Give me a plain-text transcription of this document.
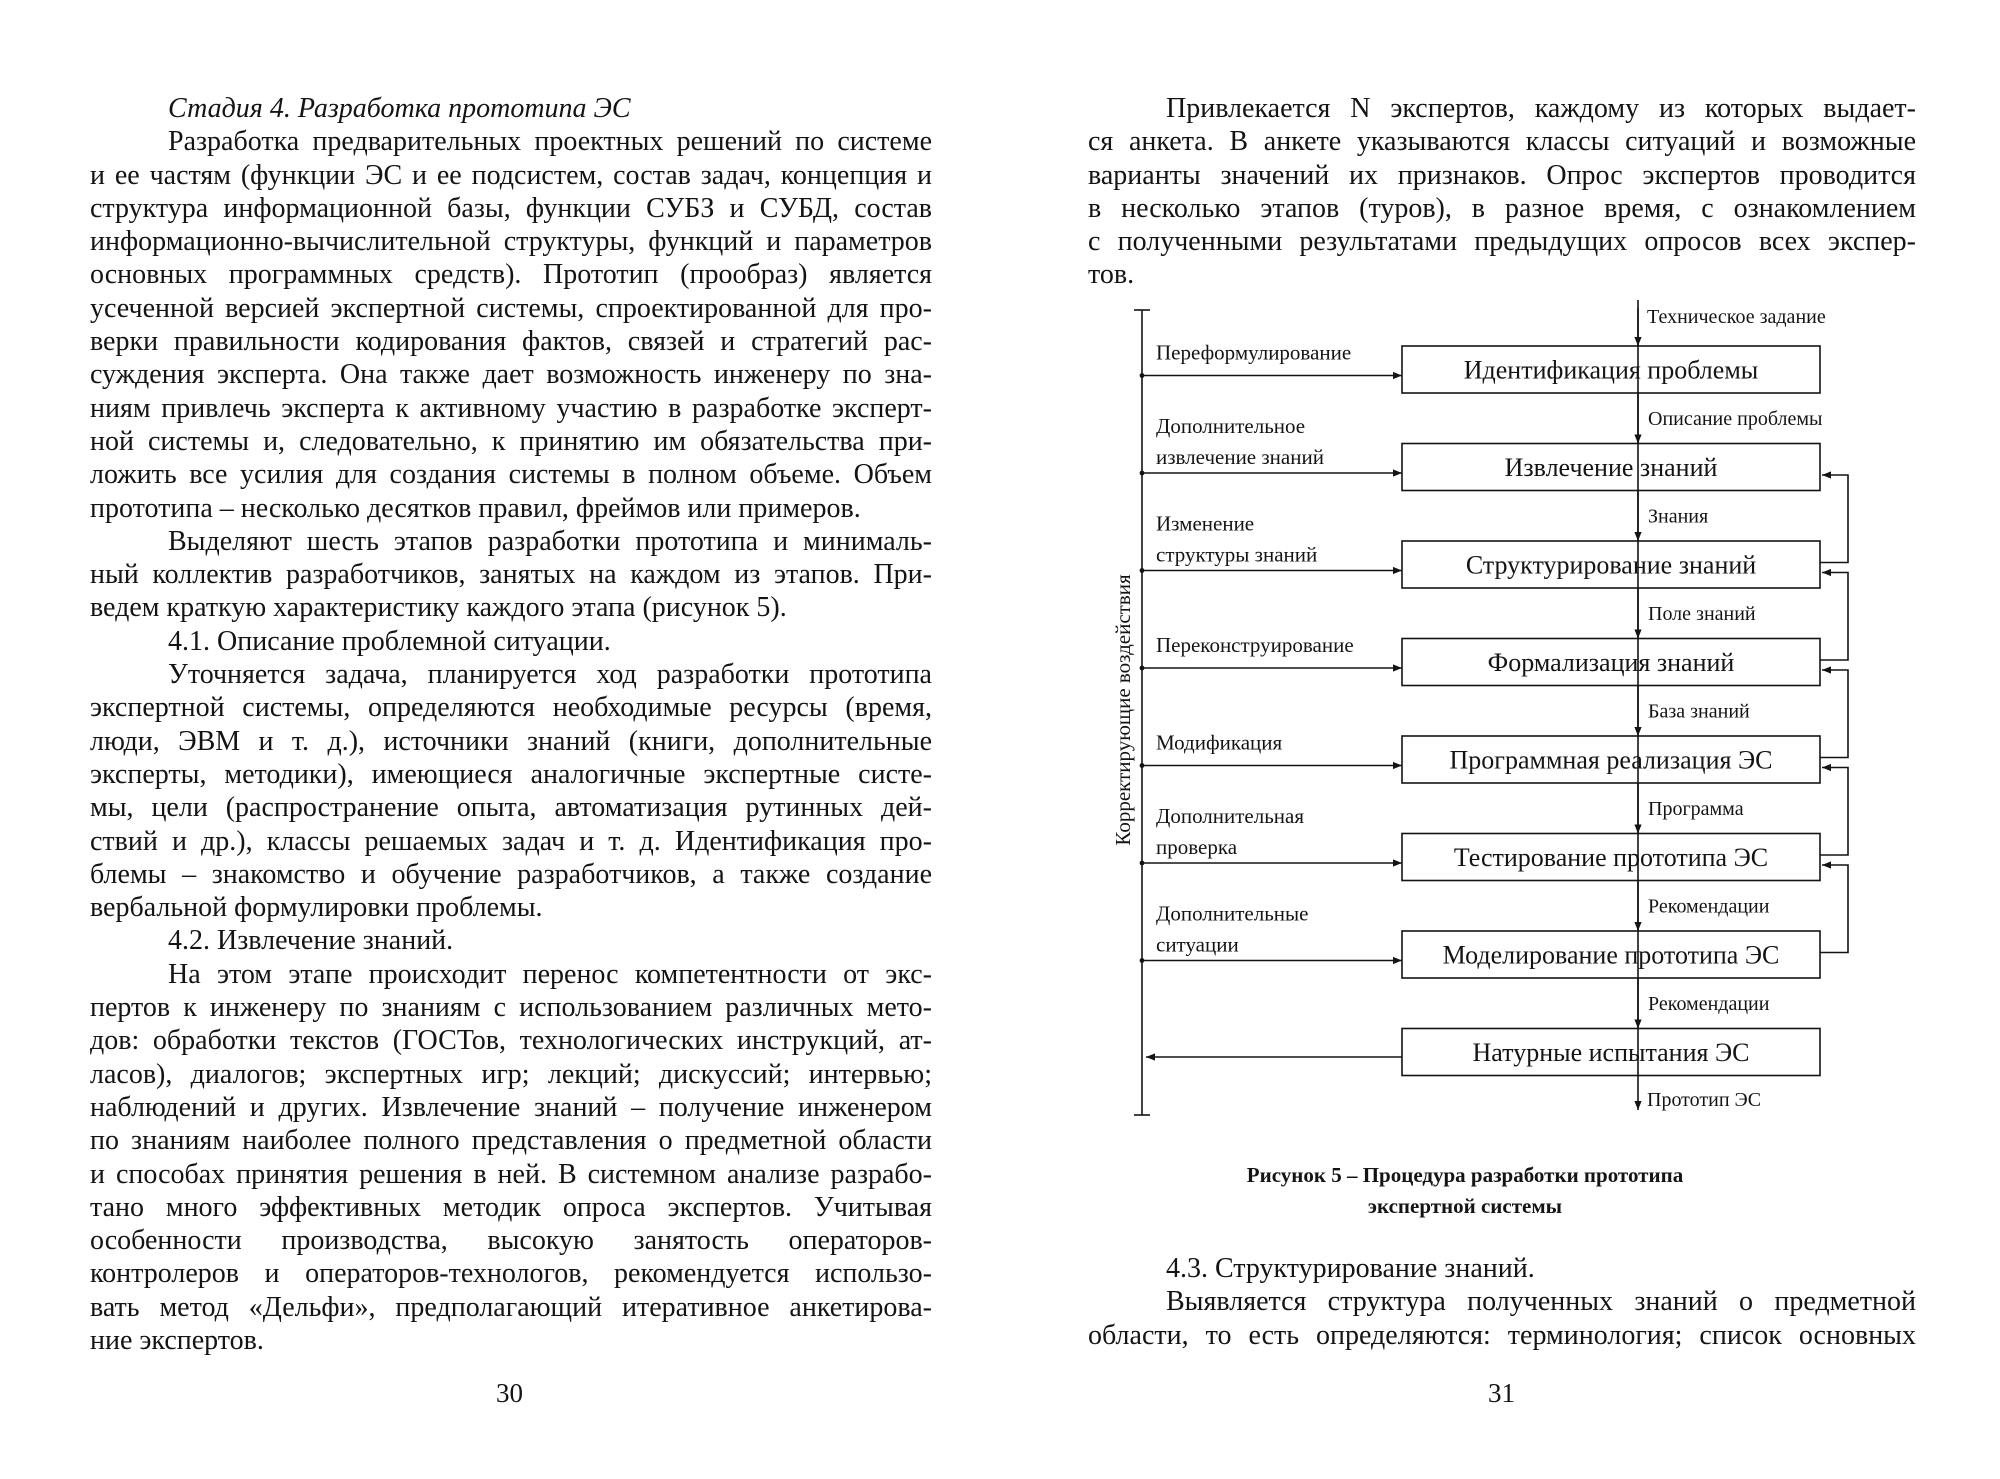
Стадия 4. Разработка прототипа ЭС
Разработка предварительных проектных решений по системе
и ее частям (функции ЭС и ее подсистем, состав задач, концепция и
структура информационной базы, функции СУБЗ и СУБД, состав
информационно-вычислительной структуры, функций и параметров
основных программных средств). Прототип (прообраз) является
усеченной версией экспертной системы, спроектированной для про-
верки правильности кодирования фактов, связей и стратегий рас-
суждения эксперта. Она также дает возможность инженеру по зна-
ниям привлечь эксперта к активному участию в разработке эксперт-
ной системы и, следовательно, к принятию им обязательства при-
ложить все усилия для создания системы в полном объеме. Объем
прототипа – несколько десятков правил, фреймов или примеров.
Выделяют шесть этапов разработки прототипа и минималь-
ный коллектив разработчиков, занятых на каждом из этапов. При-
ведем краткую характеристику каждого этапа (рисунок 5).
4.1. Описание проблемной ситуации.
Уточняется задача, планируется ход разработки прототипа
экспертной системы, определяются необходимые ресурсы (время,
люди, ЭВМ и т. д.), источники знаний (книги, дополнительные
эксперты, методики), имеющиеся аналогичные экспертные систе-
мы, цели (распространение опыта, автоматизация рутинных дей-
ствий и др.), классы решаемых задач и т. д. Идентификация про-
блемы – знакомство и обучение разработчиков, а также создание
вербальной формулировки проблемы.
4.2. Извлечение знаний.
На этом этапе происходит перенос компетентности от экс-
пертов к инженеру по знаниям с использованием различных мето-
дов: обработки текстов (ГОСТов, технологических инструкций, ат-
ласов), диалогов; экспертных игр; лекций; дискуссий; интервью;
наблюдений и других. Извлечение знаний – получение инженером
по знаниям наиболее полного представления о предметной области
и способах принятия решения в ней. В системном анализе разрабо-
тано много эффективных методик опроса экспертов. Учитывая
особенности производства, высокую занятость операторов-
контролеров и операторов-технологов, рекомендуется использо-
вать метод «Дельфи», предполагающий итеративное анкетирова-
ние экспертов.
30
Привлекается N экспертов, каждому из которых выдает-
ся анкета. В анкете указываются классы ситуаций и возможные
варианты значений их признаков. Опрос экспертов проводится
в несколько этапов (туров), в разное время, с ознакомлением
с полученными результатами предыдущих опросов всех экспер-
тов.
Идентификация проблемы
Переформулирование
Описание проблемы
Извлечение знаний
Дополнительное
извлечение знаний
Знания
Структурирование знаний
Изменение
структуры знаний
Поле знаний
Формализация знаний
Переконструирование
База знаний
Программная реализация ЭС
Модификация
Программа
Тестирование прототипа ЭС
Дополнительная
проверка
Рекомендации
Моделирование прототипа ЭС
Дополнительные
ситуации
Рекомендации
Натурные испытания ЭС
Корректирующие воздействия
Техническое задание
Прототип ЭС
Рисунок 5 – Процедура разработки прототипа
экспертной системы
4.3. Структурирование знаний.
Выявляется структура полученных знаний о предметной
области, то есть определяются: терминология; список основных
31
